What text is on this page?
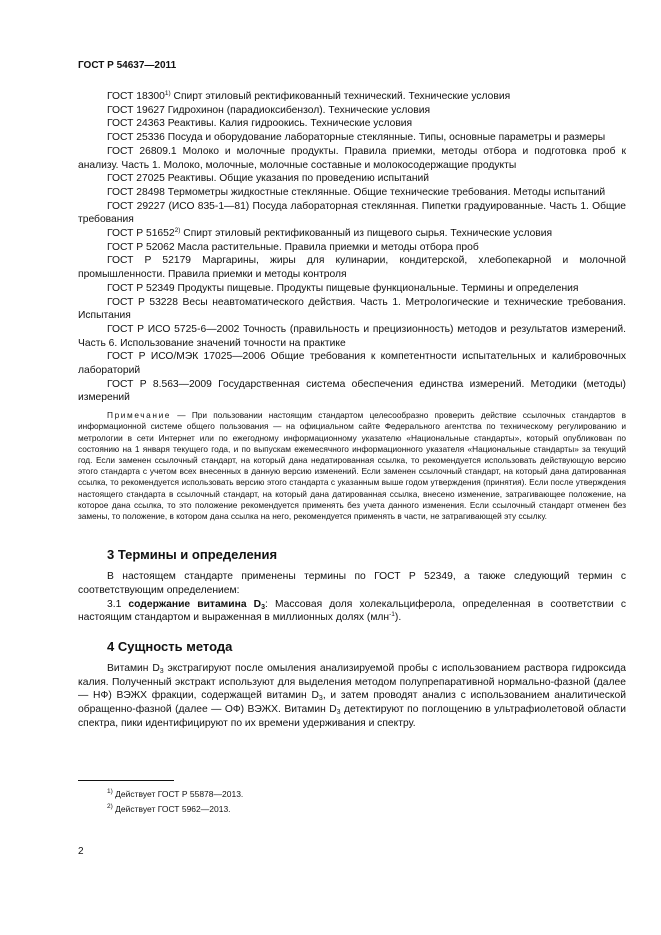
ГОСТ Р 54637—2011

ГОСТ 18300$^{1)}$ Спирт этиловый ректификованный технический. Технические условия

ГОСТ 19627 Гидрохинон (парадиоксибензол). Технические условия

ГОСТ 24363 Реактивы. Калия гидроокись. Технические условия

ГОСТ 25336 Посуда и оборудование лабораторные стеклянные. Типы, основные параметры и размеры

ГОСТ 26809.1 Молоко и молочные продукты. Правила приемки, методы отбора и подготовка проб к анализу. Часть 1. Молоко, молочные, молочные составные и молокосодержащие продукты

ГОСТ 27025 Реактивы. Общие указания по проведению испытаний

ГОСТ 28498 Термометры жидкостные стеклянные. Общие технические требования. Методы испытаний

ГОСТ 29227 (ИСО 835-1—81) Посуда лабораторная стеклянная. Пипетки градуированные. Часть 1. Общие требования

ГОСТ Р 51652$^{2)}$ Спирт этиловый ректификованный из пищевого сырья. Технические условия

ГОСТ Р 52062 Масла растительные. Правила приемки и методы отбора проб

ГОСТ Р 52179 Маргарины, жиры для кулинарии, кондитерской, хлебопекарной и молочной промышленности. Правила приемки и методы контроля

ГОСТ Р 52349 Продукты пищевые. Продукты пищевые функциональные. Термины и определения

ГОСТ Р 53228 Весы неавтоматического действия. Часть 1. Метрологические и технические требования. Испытания

ГОСТ Р ИСО 5725-6—2002 Точность (правильность и прецизионность) методов и результатов измерений. Часть 6. Использование значений точности на практике

ГОСТ Р ИСО/МЭК 17025—2006 Общие требования к компетентности испытательных и калибровочных лабораторий

ГОСТ Р 8.563—2009 Государственная система обеспечения единства измерений. Методики (методы) измерений

Примечание — При пользовании настоящим стандартом целесообразно проверить действие ссылочных стандартов в информационной системе общего пользования — на официальном сайте Федерального агентства по техническому регулированию и метрологии в сети Интернет или по ежегодному информационному указателю «Национальные стандарты», который опубликован по состоянию на 1 января текущего года, и по выпускам ежемесячного информационного указателя «Национальные стандарты» за текущий год. Если заменен ссылочный стандарт, на который дана недатированная ссылка, то рекомендуется использовать действующую версию этого стандарта с учетом всех внесенных в данную версию изменений. Если заменен ссылочный стандарт, на который дана датированная ссылка, то рекомендуется использовать версию этого стандарта с указанным выше годом утверждения (принятия). Если после утверждения настоящего стандарта в ссылочный стандарт, на который дана датированная ссылка, внесено изменение, затрагивающее положение, на которое дана ссылка, то это положение рекомендуется применять без учета данного изменения. Если ссылочный стандарт отменен без замены, то положение, в котором дана ссылка на него, рекомендуется применять в части, не затрагивающей эту ссылку.

3 Термины и определения

В настоящем стандарте применены термины по ГОСТ Р 52349, а также следующий термин с соответствующим определением:

3.1 содержание витамина $D_3$: Массовая доля холекальциферола, определенная в соответствии с настоящим стандартом и выраженная в миллионных долях (млн$^{-1}$).

4 Сущность метода

Витамин $D_3$ экстрагируют после омыления анализируемой пробы с использованием раствора гидроксида калия. Полученный экстракт используют для выделения методом полупрепаративной нормально-фазной (далее — НФ) ВЭЖХ фракции, содержащей витамин $D_3$, и затем проводят анализ с использованием аналитической обращенно-фазной (далее — ОФ) ВЭЖХ. Витамин $D_3$ детектируют по поглощению в ультрафиолетовой области спектра, пики идентифицируют по их времени удерживания и спектру.

$^{1)}$ Действует ГОСТ Р 55878—2013.

$^{2)}$ Действует ГОСТ 5962—2013.

2
